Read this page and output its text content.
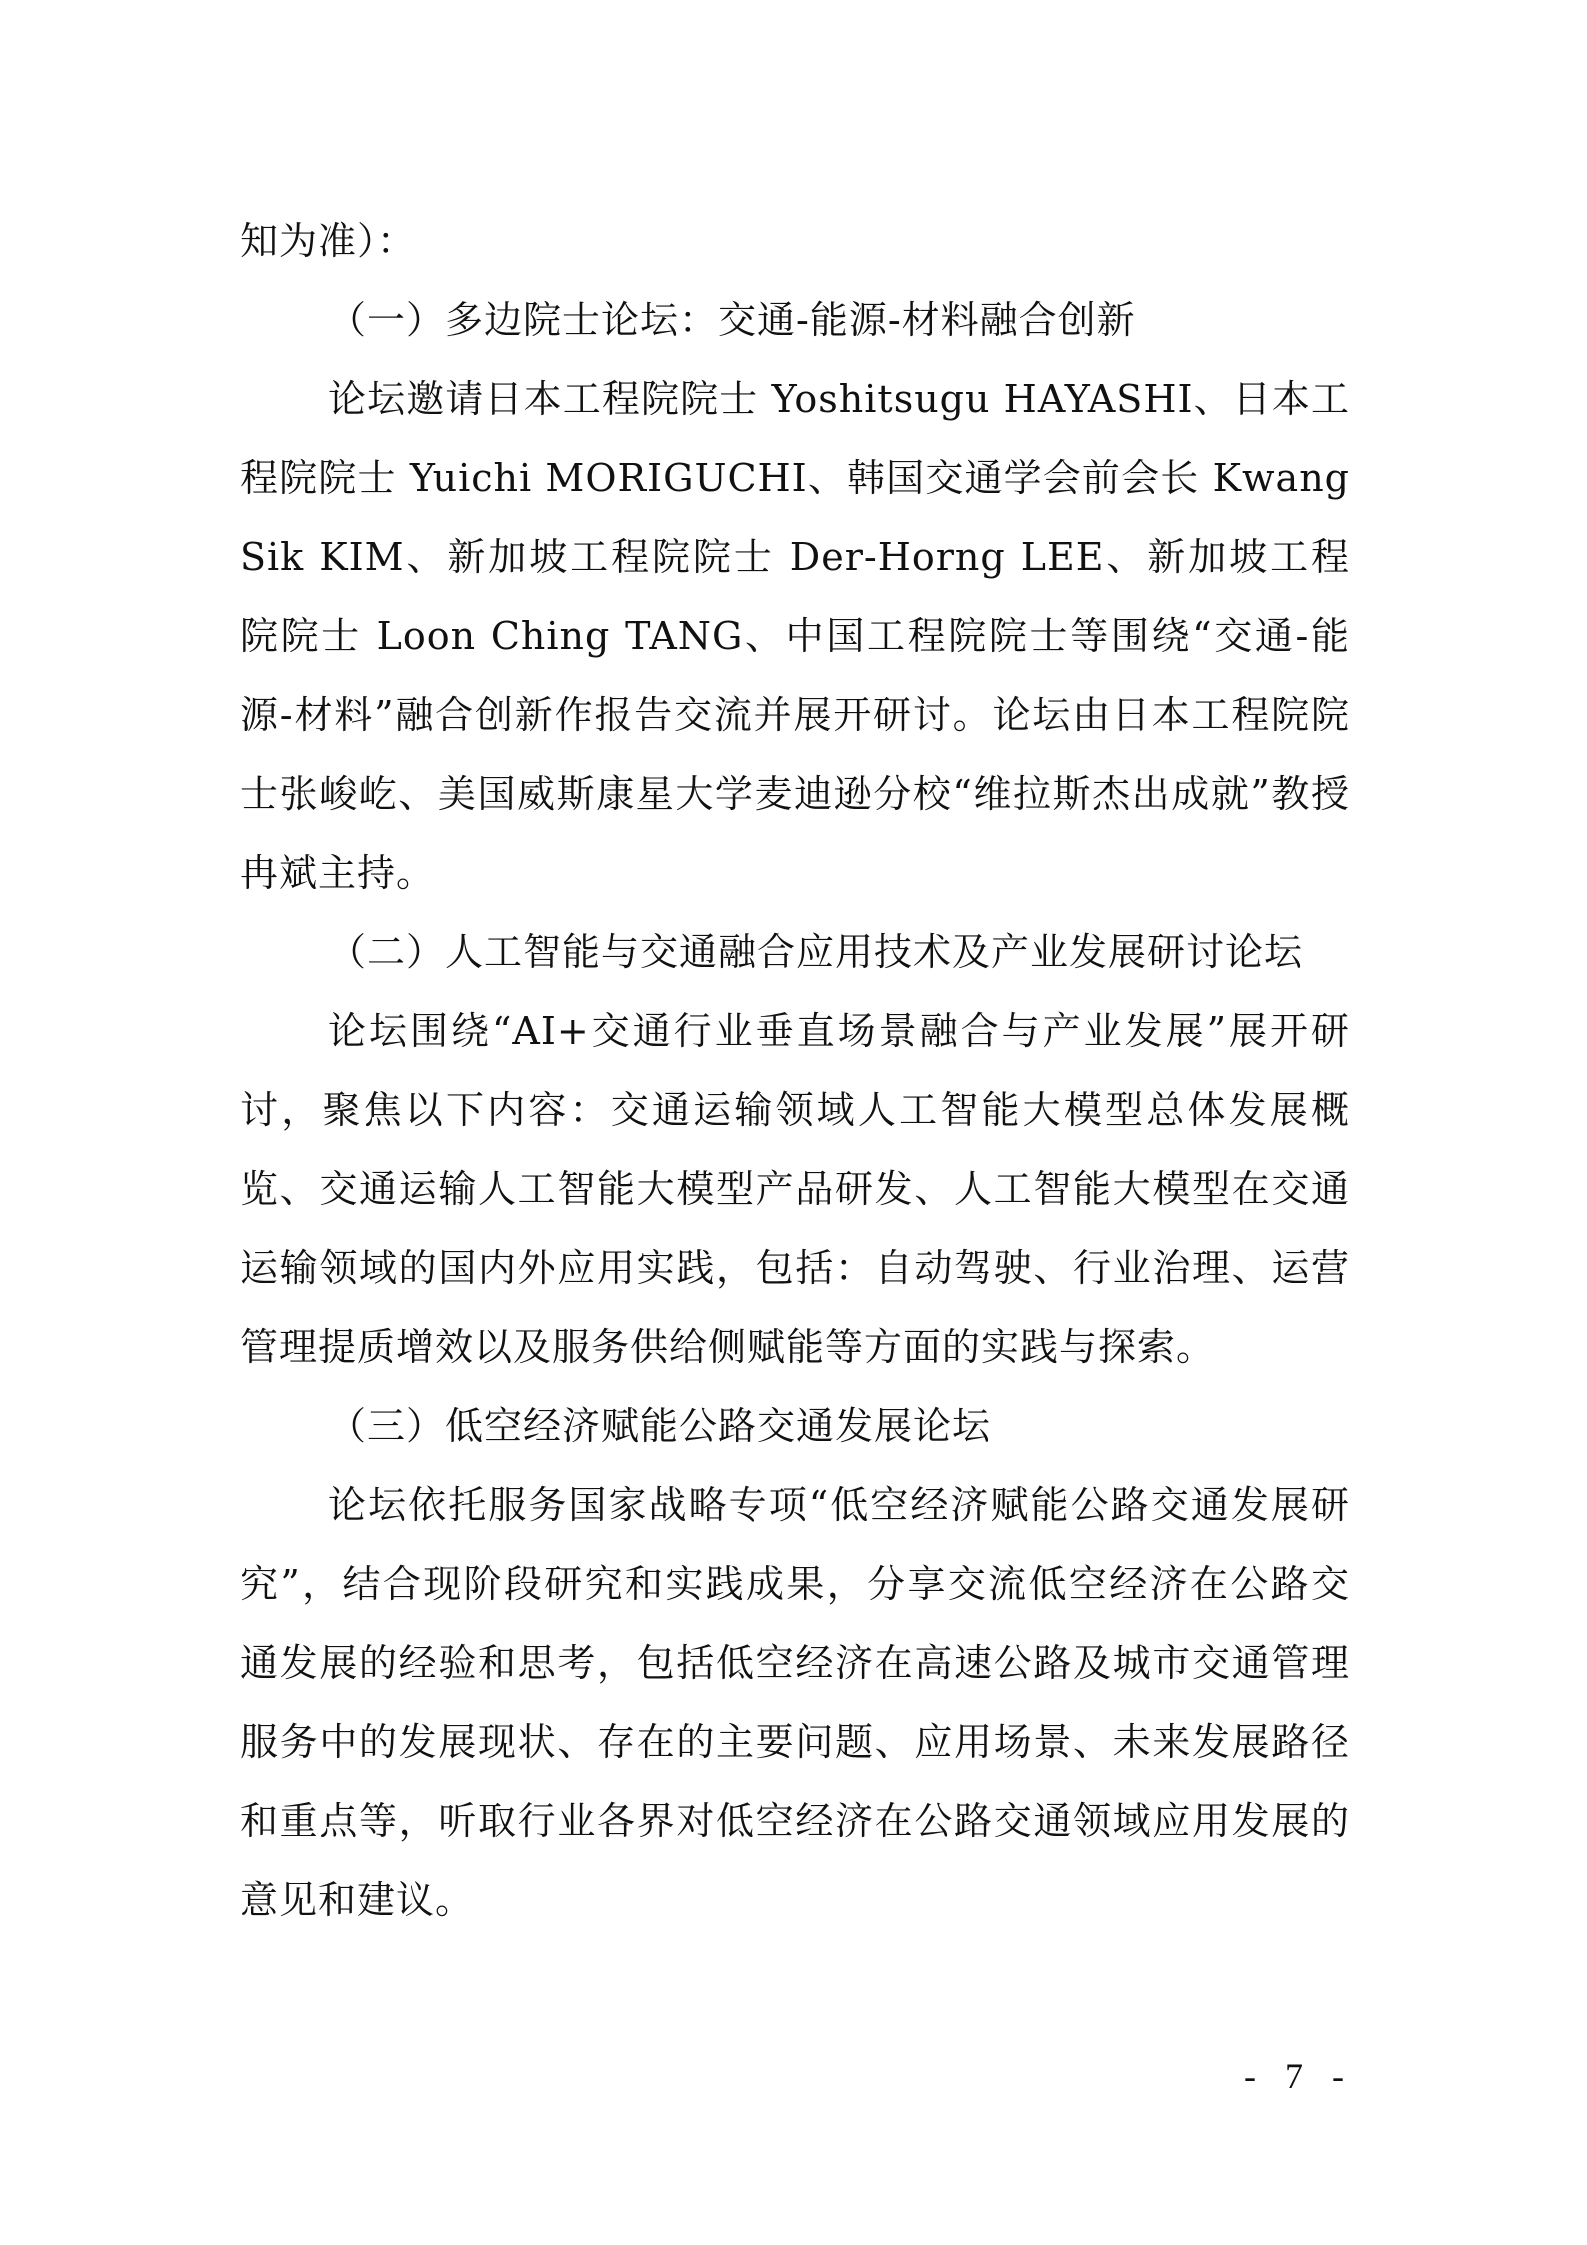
知为准）：

（一）多边院士论坛：交通-能源-材料融合创新

论坛邀请日本工程院院士 Yoshitsugu HAYASHI、日本工程院院士 Yuichi MORIGUCHI、韩国交通学会前会长 Kwang Sik KIM、新加坡工程院院士 Der-Horng LEE、新加坡工程院院士 Loon Ching TANG、中国工程院院士等围绕“交通-能源-材料”融合创新作报告交流并展开研讨。论坛由日本工程院院士张峻屹、美国威斯康星大学麦迪逊分校“维拉斯杰出成就”教授冉斌主持。

（二）人工智能与交通融合应用技术及产业发展研讨论坛

论坛围绕“AI+交通行业垂直场景融合与产业发展”展开研讨，聚焦以下内容：交通运输领域人工智能大模型总体发展概览、交通运输人工智能大模型产品研发、人工智能大模型在交通运输领域的国内外应用实践，包括：自动驾驶、行业治理、运营管理提质增效以及服务供给侧赋能等方面的实践与探索。

（三）低空经济赋能公路交通发展论坛

论坛依托服务国家战略专项“低空经济赋能公路交通发展研究”，结合现阶段研究和实践成果，分享交流低空经济在公路交通发展的经验和思考，包括低空经济在高速公路及城市交通管理服务中的发展现状、存在的主要问题、应用场景、未来发展路径和重点等，听取行业各界对低空经济在公路交通领域应用发展的意见和建议。

- 7 -
